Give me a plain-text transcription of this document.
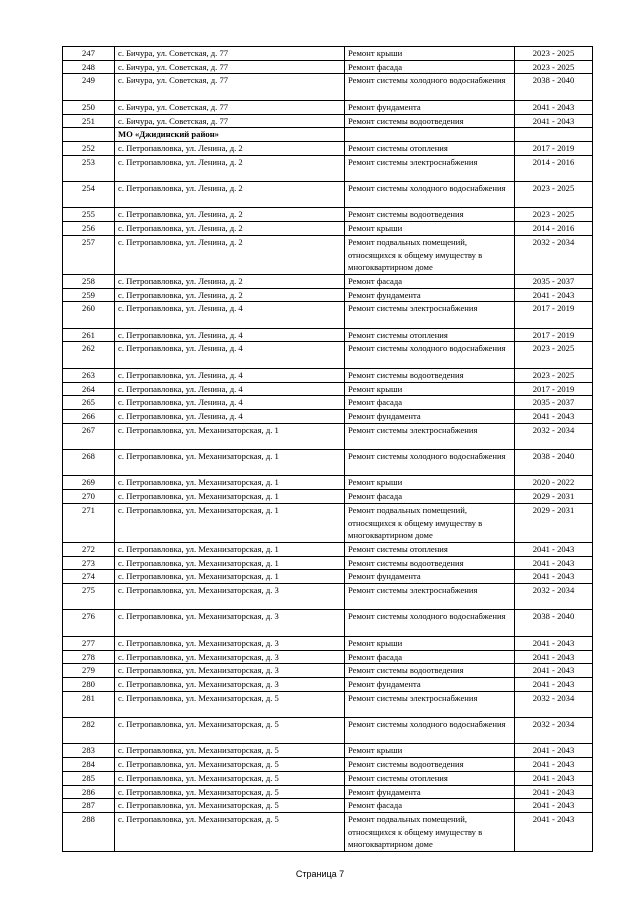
247	с. Бичура, ул. Советская, д. 77	Ремонт крыши	2023 - 2025
248	с. Бичура, ул. Советская, д. 77	Ремонт фасада	2023 - 2025
249	с. Бичура, ул. Советская, д. 77	Ремонт системы холодного водоснабжения	2038 - 2040
250	с. Бичура, ул. Советская, д. 77	Ремонт фундамента	2041 - 2043
251	с. Бичура, ул. Советская, д. 77	Ремонт системы водоотведения	2041 - 2043
	МО «Джидинский район»		
252	с. Петропавловка, ул. Ленина, д. 2	Ремонт системы отопления	2017 - 2019
253	с. Петропавловка, ул. Ленина, д. 2	Ремонт системы электроснабжения	2014 - 2016
254	с. Петропавловка, ул. Ленина, д. 2	Ремонт системы холодного водоснабжения	2023 - 2025
255	с. Петропавловка, ул. Ленина, д. 2	Ремонт системы водоотведения	2023 - 2025
256	с. Петропавловка, ул. Ленина, д. 2	Ремонт крыши	2014 - 2016
257	с. Петропавловка, ул. Ленина, д. 2	Ремонт подвальных помещений, относящихся к общему имуществу в многоквартирном доме	2032 - 2034
258	с. Петропавловка, ул. Ленина, д. 2	Ремонт фасада	2035 - 2037
259	с. Петропавловка, ул. Ленина, д. 2	Ремонт фундамента	2041 - 2043
260	с. Петропавловка, ул. Ленина, д. 4	Ремонт системы электроснабжения	2017 - 2019
261	с. Петропавловка, ул. Ленина, д. 4	Ремонт системы отопления	2017 - 2019
262	с. Петропавловка, ул. Ленина, д. 4	Ремонт системы холодного водоснабжения	2023 - 2025
263	с. Петропавловка, ул. Ленина, д. 4	Ремонт системы водоотведения	2023 - 2025
264	с. Петропавловка, ул. Ленина, д. 4	Ремонт крыши	2017 - 2019
265	с. Петропавловка, ул. Ленина, д. 4	Ремонт фасада	2035 - 2037
266	с. Петропавловка, ул. Ленина, д. 4	Ремонт фундамента	2041 - 2043
267	с. Петропавловка, ул. Механизаторская, д. 1	Ремонт системы электроснабжения	2032 - 2034
268	с. Петропавловка, ул. Механизаторская, д. 1	Ремонт системы холодного водоснабжения	2038 - 2040
269	с. Петропавловка, ул. Механизаторская, д. 1	Ремонт крыши	2020 - 2022
270	с. Петропавловка, ул. Механизаторская, д. 1	Ремонт фасада	2029 - 2031
271	с. Петропавловка, ул. Механизаторская, д. 1	Ремонт подвальных помещений, относящихся к общему имуществу в многоквартирном доме	2029 - 2031
272	с. Петропавловка, ул. Механизаторская, д. 1	Ремонт системы отопления	2041 - 2043
273	с. Петропавловка, ул. Механизаторская, д. 1	Ремонт системы водоотведения	2041 - 2043
274	с. Петропавловка, ул. Механизаторская, д. 1	Ремонт фундамента	2041 - 2043
275	с. Петропавловка, ул. Механизаторская, д. 3	Ремонт системы электроснабжения	2032 - 2034
276	с. Петропавловка, ул. Механизаторская, д. 3	Ремонт системы холодного водоснабжения	2038 - 2040
277	с. Петропавловка, ул. Механизаторская, д. 3	Ремонт крыши	2041 - 2043
278	с. Петропавловка, ул. Механизаторская, д. 3	Ремонт фасада	2041 - 2043
279	с. Петропавловка, ул. Механизаторская, д. 3	Ремонт системы водоотведения	2041 - 2043
280	с. Петропавловка, ул. Механизаторская, д. 3	Ремонт фундамента	2041 - 2043
281	с. Петропавловка, ул. Механизаторская, д. 5	Ремонт системы электроснабжения	2032 - 2034
282	с. Петропавловка, ул. Механизаторская, д. 5	Ремонт системы холодного водоснабжения	2032 - 2034
283	с. Петропавловка, ул. Механизаторская, д. 5	Ремонт крыши	2041 - 2043
284	с. Петропавловка, ул. Механизаторская, д. 5	Ремонт системы водоотведения	2041 - 2043
285	с. Петропавловка, ул. Механизаторская, д. 5	Ремонт системы отопления	2041 - 2043
286	с. Петропавловка, ул. Механизаторская, д. 5	Ремонт фундамента	2041 - 2043
287	с. Петропавловка, ул. Механизаторская, д. 5	Ремонт фасада	2041 - 2043
288	с. Петропавловка, ул. Механизаторская, д. 5	Ремонт подвальных помещений, относящихся к общему имуществу в многоквартирном доме	2041 - 2043
Страница 7
